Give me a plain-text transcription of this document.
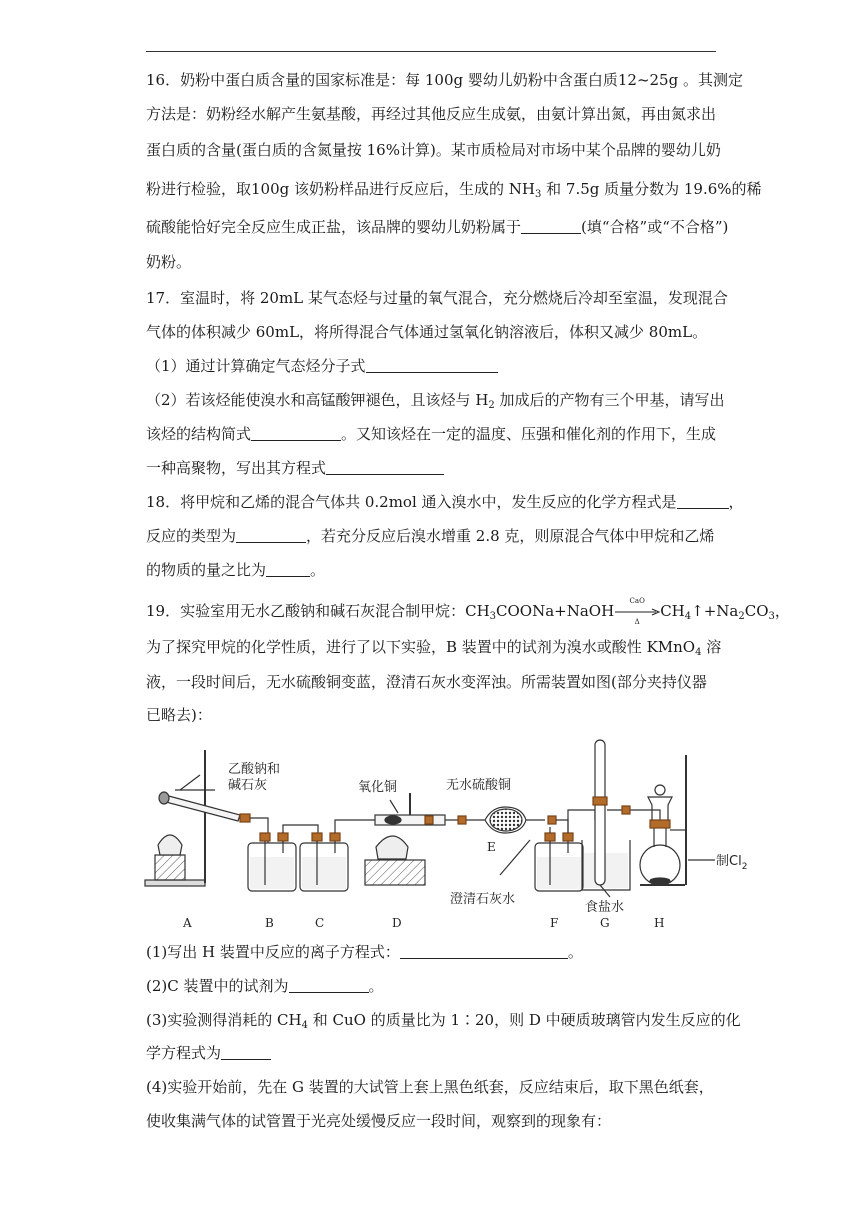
16．奶粉中蛋白质含量的国家标准是：每 100g 婴幼儿奶粉中含蛋白质12~25g 。其测定
方法是：奶粉经水解产生氨基酸，再经过其他反应生成氨，由氨计算出氮，再由氮求出
蛋白质的含量(蛋白质的含氮量按 16%计算)。某市质检局对市场中某个品牌的婴幼儿奶
粉进行检验，取100g 该奶粉样品进行反应后，生成的 $NH_3$ 和 7.5g 质量分数为 19.6%的稀
硫酸能恰好完全反应生成正盐，该品牌的婴幼儿奶粉属于	(填“合格”或“不合格”)
奶粉。
17．室温时，将 20mL 某气态烃与过量的氧气混合，充分燃烧后冷却至室温，发现混合
气体的体积减少 60mL，将所得混合气体通过氢氧化钠溶液后，体积又减少 80mL。
（1）通过计算确定气态烃分子式
（2）若该烃能使溴水和高锰酸钾褪色，且该烃与 $H_2$ 加成后的产物有三个甲基，请写出
该烃的结构简式	。又知该烃在一定的温度、压强和催化剂的作用下，生成
一种高聚物，写出其方程式
18．将甲烷和乙烯的混合气体共 0.2mol 通入溴水中，发生反应的化学方程式是	，
反应的类型为	，若充分反应后溴水增重 2.8 克，则原混合气体中甲烷和乙烯
的物质的量之比为	。
19．实验室用无水乙酸钠和碱石灰混合制甲烷：$CH_3COONa+NaOH$
CaO
Δ
$CH_4↑+Na_2CO_3$，
为了探究甲烷的化学性质，进行了以下实验，B 装置中的试剂为溴水或酸性 KMnO$_4$ 溶
液，一段时间后，无水硫酸铜变蓝，澄清石灰水变浑浊。所需装置如图(部分夹持仪器
已略去)：
乙酸钠和
碱石灰	氧化铜	无水硫酸铜
E
澄清石灰水
食盐水
制$Cl_2$
A	B	C	D	F	G	H
(1)写出 H 装置中反应的离子方程式：	。
(2)C 装置中的试剂为	。
(3)实验测得消耗的 $CH_4$ 和 CuO 的质量比为 1∶20，则 D 中硬质玻璃管内发生反应的化
学方程式为
(4)实验开始前，先在 G 装置的大试管上套上黑色纸套，反应结束后，取下黑色纸套，
使收集满气体的试管置于光亮处缓慢反应一段时间，观察到的现象有：
